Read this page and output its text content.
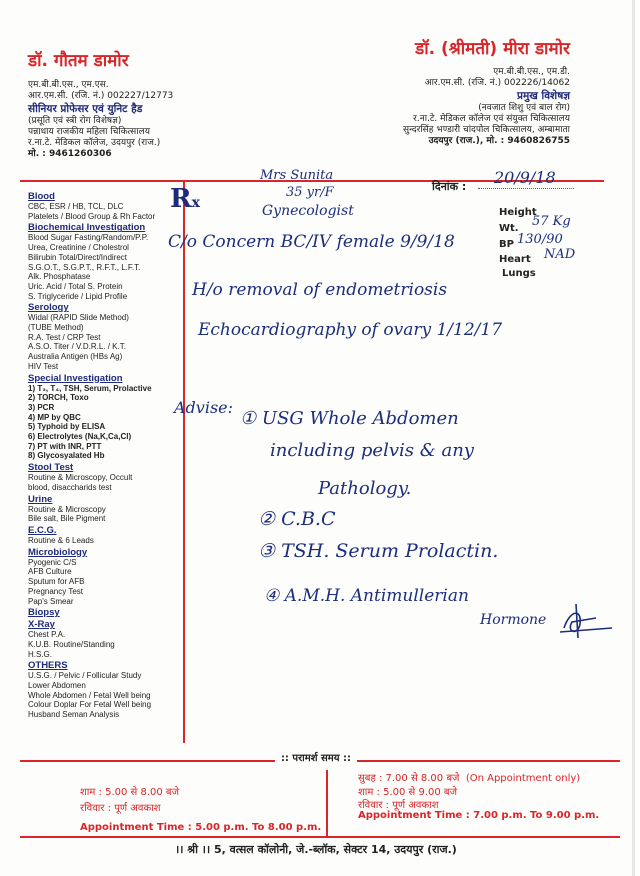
डॉ. गौतम डामोर
एम.बी.बी.एस., एम.एस.
आर.एम.सी. (रजि. नं.) 002227/12773
सीनियर प्रोफेसर एवं युनिट हैड
(प्रसूति एवं स्त्री रोग विशेषज्ञ)
पन्नाधाय राजकीय महिला चिकित्सालय
र.ना.टे. मेडिकल कॉलेज, उदयपुर (राज.)
मो. : 9461260306
डॉ. (श्रीमती) मीरा डामोर
एम.बी.बी.एस., एम.डी.
आर.एम.सी. (रजि. नं.) 002226/14062
प्रमुख विशेषज्ञ
(नवजात शिशु एवं बाल रोग)
र.ना.टे. मेडिकल कॉलेज एवं संयुक्त चिकित्सालय
सुन्दरसिंह भण्डारी चांदपोल चिकित्सालय, अम्बामाता
उदयपुर (राज.), मो. : 9460826755
Rx
दिनांक : 20/9/18
Height
Wt.
BP
Heart
Lungs
57 Kg
130/90
NAD
Mrs Sunita
35 yr/F
Gynecologist
C/o Concern BC/IV female 9/9/18
H/o removal of endometriosis
Echocardiography of ovary 1/12/17
Advise:
① USG Whole Abdomen
including pelvis & any
Pathology.
② C.B.C
③ TSH. Serum Prolactin.
④ A.M.H. Antimullerian
Hormone
Blood
CBC, ESR / HB, TCL, DLC
Platelets / Blood Group & Rh Factor
Biochemical Investigation
Blood Sugar Fasting/Random/P.P.
Urea, Creatinine / Cholestrol
Bilirubin Total/Direct/Indirect
S.G.O.T., S.G.P.T., R.F.T., L.F.T.
Alk. Phosphatase
Uric. Acid / Total S. Protein
S. Triglyceride / Lipid Profile
Serology
Widal (RAPID Slide Method)
(TUBE Method)
R.A. Test / CRP Test
A.S.O. Titer / V.D.R.L. / K.T.
Australia Antigen (HBs Ag)
HIV Test
Special Investigation
1) T₃, T₄, TSH, Serum, Prolactive
2) TORCH, Toxo
3) PCR
4) MP by QBC
5) Typhoid by ELISA
6) Electrolytes (Na,K,Ca,Cl)
7) PT with INR, PTT
8) Glycosyalated Hb
Stool Test
Routine & Microscopy, Occult
blood, disaccharids test
Urine
Routine & Microscopy
Bile salt, Bile Pigment
E.C.G.
Routine & 6 Leads
Microbiology
Pyogenic C/S
AFB Culture
Sputum for AFB
Pregnancy Test
Pap's Smear
Biopsy
X-Ray
Chest P.A.
K.U.B. Routine/Standing
H.S.G.
OTHERS
U.S.G. / Pelvic / Follicular Study
Lower Abdomen
Whole Abdomen / Fetal Well being
Colour Doplar For Fetal Well being
Husband Seman Analysis
:: परामर्श समय ::
शाम : 5.00 से 8.00 बजे
रविवार : पूर्ण अवकाश
Appointment Time : 5.00 p.m. To 8.00 p.m.
सुबह : 7.00 से 8.00 बजे (On Appointment only)
शाम : 5.00 से 9.00 बजे
रविवार : पूर्ण अवकाश
Appointment Time : 7.00 p.m. To 9.00 p.m.
।। श्री ।। 5, वत्सल कॉलोनी, जे.-ब्लॉक, सेक्टर 14, उदयपुर (राज.)
